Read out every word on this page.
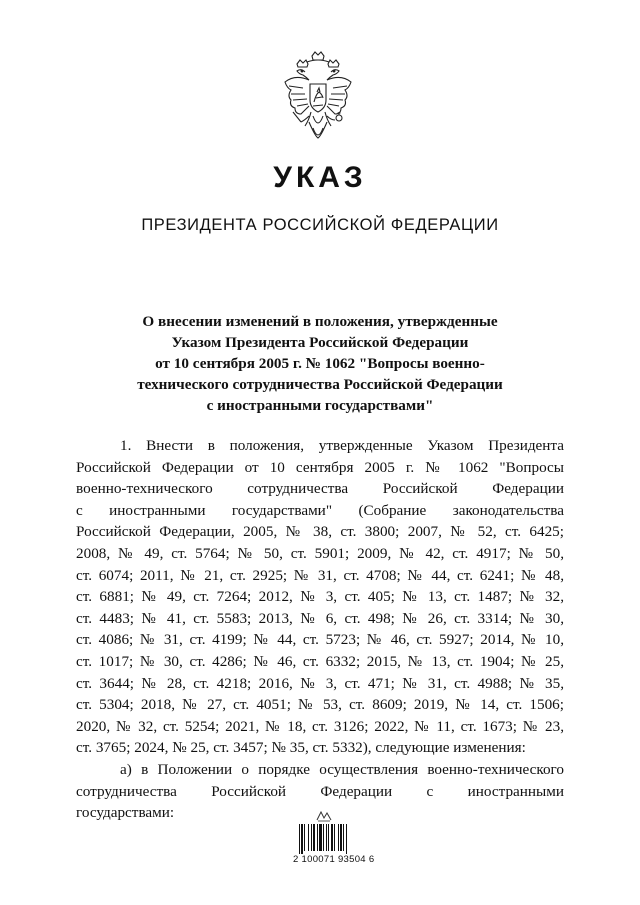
УКАЗ
ПРЕЗИДЕНТА РОССИЙСКОЙ ФЕДЕРАЦИИ
О внесении изменений в положения, утвержденные
Указом Президента Российской Федерации
от 10 сентября 2005 г. № 1062 "Вопросы военно-
технического сотрудничества Российской Федерации
с иностранными государствами"
1. Внести в положения, утвержденные Указом Президента
Российской Федерации от 10 сентября 2005 г. № 1062 "Вопросы
военно-технического сотрудничества Российской Федерации
с иностранными государствами" (Собрание законодательства
Российской Федерации, 2005, № 38, ст. 3800; 2007, № 52, ст. 6425;
2008, № 49, ст. 5764; № 50, ст. 5901; 2009, № 42, ст. 4917; № 50,
ст. 6074; 2011, № 21, ст. 2925; № 31, ст. 4708; № 44, ст. 6241; № 48,
ст. 6881; № 49, ст. 7264; 2012, № 3, ст. 405; № 13, ст. 1487; № 32,
ст. 4483; № 41, ст. 5583; 2013, № 6, ст. 498; № 26, ст. 3314; № 30,
ст. 4086; № 31, ст. 4199; № 44, ст. 5723; № 46, ст. 5927; 2014, № 10,
ст. 1017; № 30, ст. 4286; № 46, ст. 6332; 2015, № 13, ст. 1904; № 25,
ст. 3644; № 28, ст. 4218; 2016, № 3, ст. 471; № 31, ст. 4988; № 35,
ст. 5304; 2018, № 27, ст. 4051; № 53, ст. 8609; 2019, № 14, ст. 1506;
2020, № 32, ст. 5254; 2021, № 18, ст. 3126; 2022, № 11, ст. 1673; № 23,
ст. 3765; 2024, № 25, ст. 3457; № 35, ст. 5332), следующие изменения:
а) в Положении о порядке осуществления военно-технического
сотрудничества Российской Федерации с иностранными
государствами:
2 100071 93504 6
